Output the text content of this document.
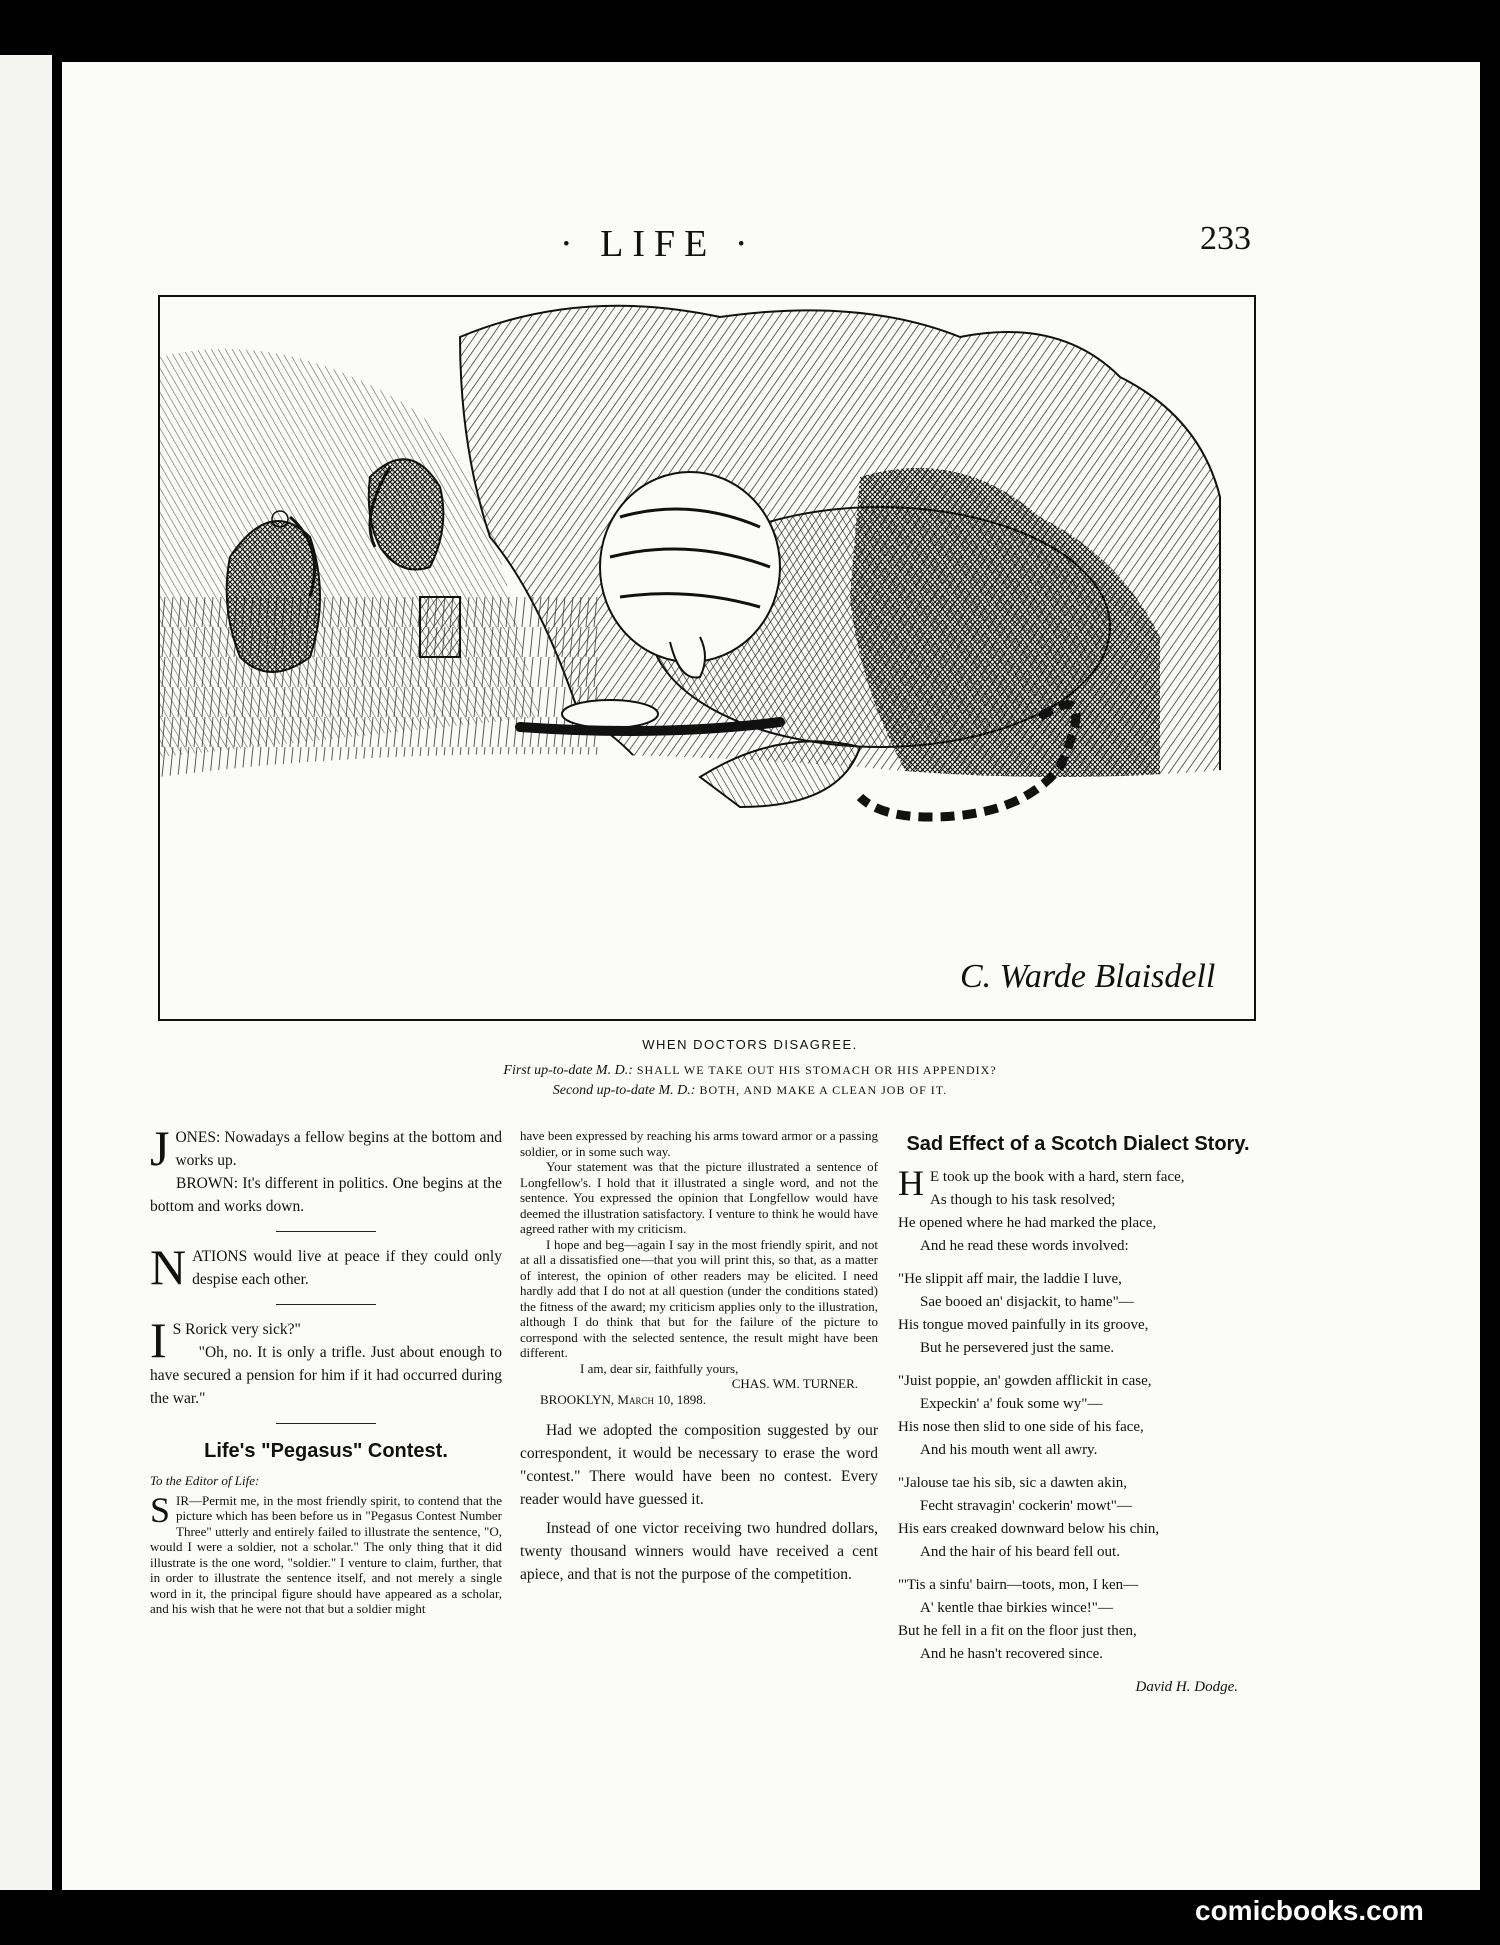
· LIFE ·	233
C. Warde Blaisdell
WHEN DOCTORS DISAGREE.
First up-to-date M. D.: SHALL WE TAKE OUT HIS STOMACH OR HIS APPENDIX?
Second up-to-date M. D.: BOTH, AND MAKE A CLEAN JOB OF IT.
J ONES: Nowadays a fellow begins at the bottom and works up.

BROWN: It's different in politics. One begins at the bottom and works down.

N ATIONS would live at peace if they could only despise each other.

I S Rorick very sick?"

"Oh, no. It is only a trifle. Just about enough to have secured a pension for him if it had occurred during the war."

Life's "Pegasus" Contest.
To the Editor of Life:
S IR—Permit me, in the most friendly spirit, to contend that the picture which has been before us in "Pegasus Contest Number Three" utterly and entirely failed to illustrate the sentence, "O, would I were a soldier, not a scholar." The only thing that it did illustrate is the one word, "soldier." I venture to claim, further, that in order to illustrate the sentence itself, and not merely a single word in it, the principal figure should have appeared as a scholar, and his wish that he were not that but a soldier might

have been expressed by reaching his arms toward armor or a passing soldier, or in some such way.

Your statement was that the picture illustrated a sentence of Longfellow's. I hold that it illustrated a single word, and not the sentence. You expressed the opinion that Longfellow would have deemed the illustration satisfactory. I venture to think he would have agreed rather with my criticism.

I hope and beg—again I say in the most friendly spirit, and not at all a dissatisfied one—that you will print this, so that, as a matter of interest, the opinion of other readers may be elicited. I need hardly add that I do not at all question (under the conditions stated) the fitness of the award; my criticism applies only to the illustration, although I do think that but for the failure of the picture to correspond with the selected sentence, the result might have been different.

I am, dear sir, faithfully yours,

CHAS. WM. TURNER.

BROOKLYN, March 10, 1898.

Had we adopted the composition suggested by our correspondent, it would be necessary to erase the word "contest." There would have been no contest. Every reader would have guessed it.

Instead of one victor receiving two hundred dollars, twenty thousand winners would have received a cent apiece, and that is not the purpose of the competition.

Sad Effect of a Scotch Dialect Story.
H E took up the book with a hard, stern face,

As though to his task resolved;

He opened where he had marked the place,

And he read these words involved:

"He slippit aff mair, the laddie I luve,

Sae booed an' disjackit, to hame"—

His tongue moved painfully in its groove,

But he persevered just the same.

"Juist poppie, an' gowden afflickit in case,

Expeckin' a' fouk some wy"—

His nose then slid to one side of his face,

And his mouth went all awry.

"Jalouse tae his sib, sic a dawten akin,

Fecht stravagin' cockerin' mowt"—

His ears creaked downward below his chin,

And the hair of his beard fell out.

"'Tis a sinfu' bairn—toots, mon, I ken—

A' kentle thae birkies wince!"—

But he fell in a fit on the floor just then,

And he hasn't recovered since.

David H. Dodge.

comicbooks.com
